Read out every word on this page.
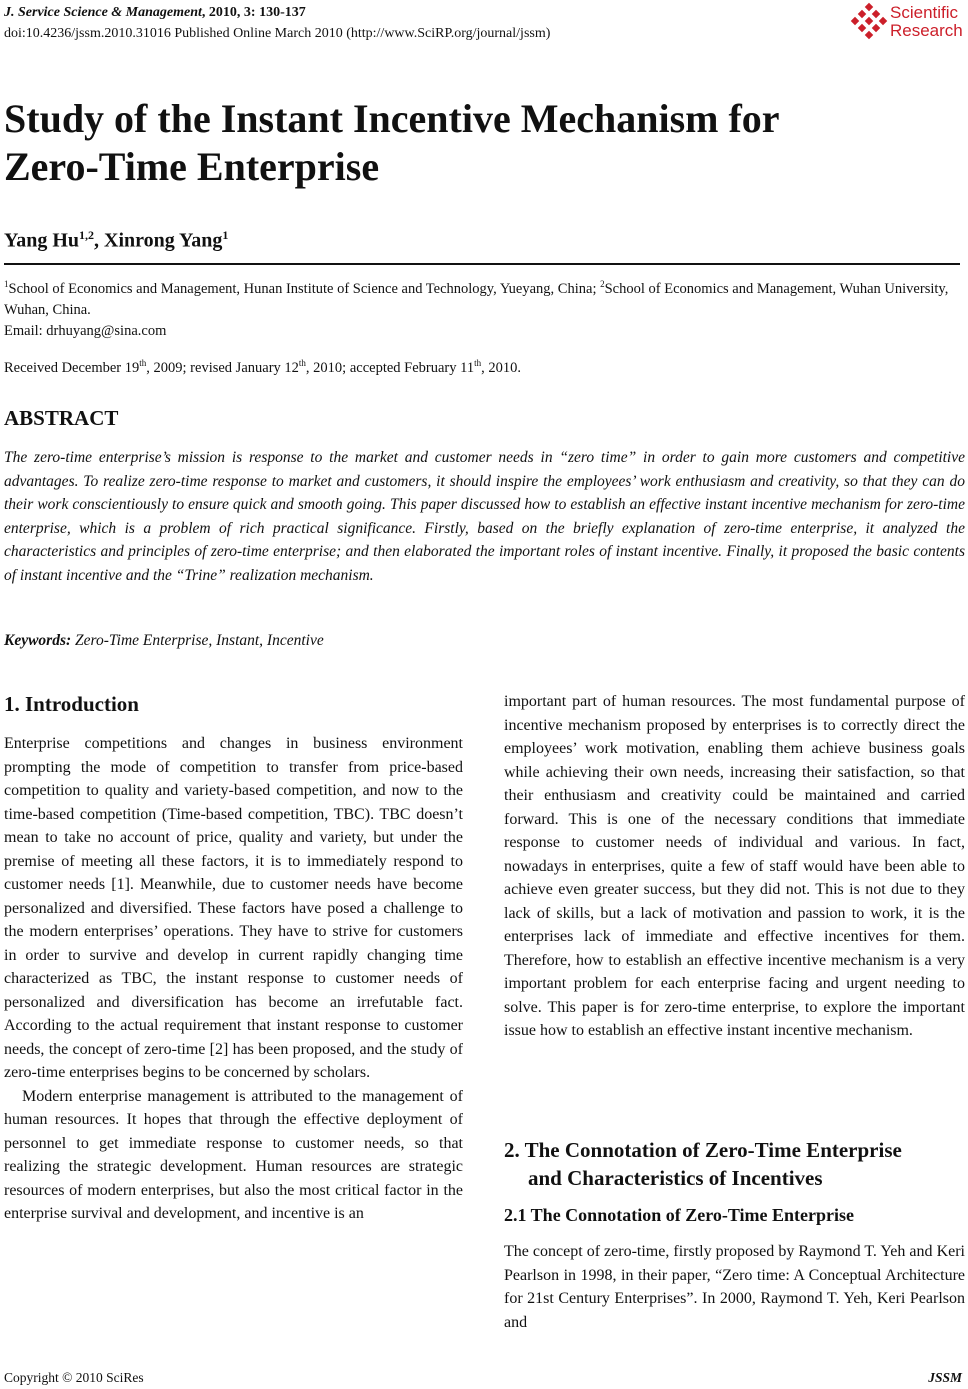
J. Service Science & Management, 2010, 3: 130-137
doi:10.4236/jssm.2010.31016 Published Online March 2010 (http://www.SciRP.org/journal/jssm)
Scientific
Research
Study of the Instant Incentive Mechanism for
Zero-Time Enterprise
Yang Hu$^{1,2}$, Xinrong Yang$^1$
$^1$School of Economics and Management, Hunan Institute of Science and Technology, Yueyang, China; $^2$School of Economics and Management, Wuhan University, Wuhan, China.
Email: drhuyang@sina.com
Received December 19th, 2009; revised January 12th, 2010; accepted February 11th, 2010.
ABSTRACT

The zero-time enterprise’s mission is response to the market and customer needs in “zero time” in order to gain more customers and competitive advantages. To realize zero-time response to market and customers, it should inspire the employees’ work enthusiasm and creativity, so that they can do their work conscientiously to ensure quick and smooth going. This paper discussed how to establish an effective instant incentive mechanism for zero-time enterprise, which is a problem of rich practical significance. Firstly, based on the briefly explanation of zero-time enterprise, it analyzed the characteristics and principles of zero-time enterprise; and then elaborated the important roles of instant incentive. Finally, it proposed the basic contents of instant incentive and the “Trine” realization mechanism.

Keywords: Zero-Time Enterprise, Instant, Incentive
1. Introduction

Enterprise competitions and changes in business environment prompting the mode of competition to transfer from price-based competition to quality and variety-based competition, and now to the time-based competition (Time-based competition, TBC). TBC doesn’t mean to take no account of price, quality and variety, but under the premise of meeting all these factors, it is to immediately respond to customer needs [1]. Meanwhile, due to customer needs have become personalized and diversified. These factors have posed a challenge to the modern enterprises’ operations. They have to strive for customers in order to survive and develop in current rapidly changing time characterized as TBC, the instant response to customer needs of personalized and diversification has become an irrefutable fact. According to the actual requirement that instant response to customer needs, the concept of zero-time [2] has been proposed, and the study of zero-time enterprises begins to be concerned by scholars.

Modern enterprise management is attributed to the management of human resources. It hopes that through the effective deployment of personnel to get immediate response to customer needs, so that realizing the strategic development. Human resources are strategic resources of modern enterprises, but also the most critical factor in the enterprise survival and development, and incentive is an

important part of human resources. The most fundamental purpose of incentive mechanism proposed by enterprises is to correctly direct the employees’ work motivation, enabling them achieve business goals while achieving their own needs, increasing their satisfaction, so that their enthusiasm and creativity could be maintained and carried forward. This is one of the necessary conditions that immediate response to customer needs of individual and various. In fact, nowadays in enterprises, quite a few of staff would have been able to achieve even greater success, but they did not. This is not due to they lack of skills, but a lack of motivation and passion to work, it is the enterprises lack of immediate and effective incentives for them. Therefore, how to establish an effective incentive mechanism is a very important problem for each enterprise facing and urgent needing to solve. This paper is for zero-time enterprise, to explore the important issue how to establish an effective instant incentive mechanism.
2. The Connotation of Zero-Time Enterprise
and Characteristics of Incentives
2.1 The Connotation of Zero-Time Enterprise
The concept of zero-time, firstly proposed by Raymond T. Yeh and Keri Pearlson in 1998, in their paper, “Zero time: A Conceptual Architecture for 21st Century Enterprises”. In 2000, Raymond T. Yeh, Keri Pearlson and
Copyright © 2010 SciRes	JSSM
